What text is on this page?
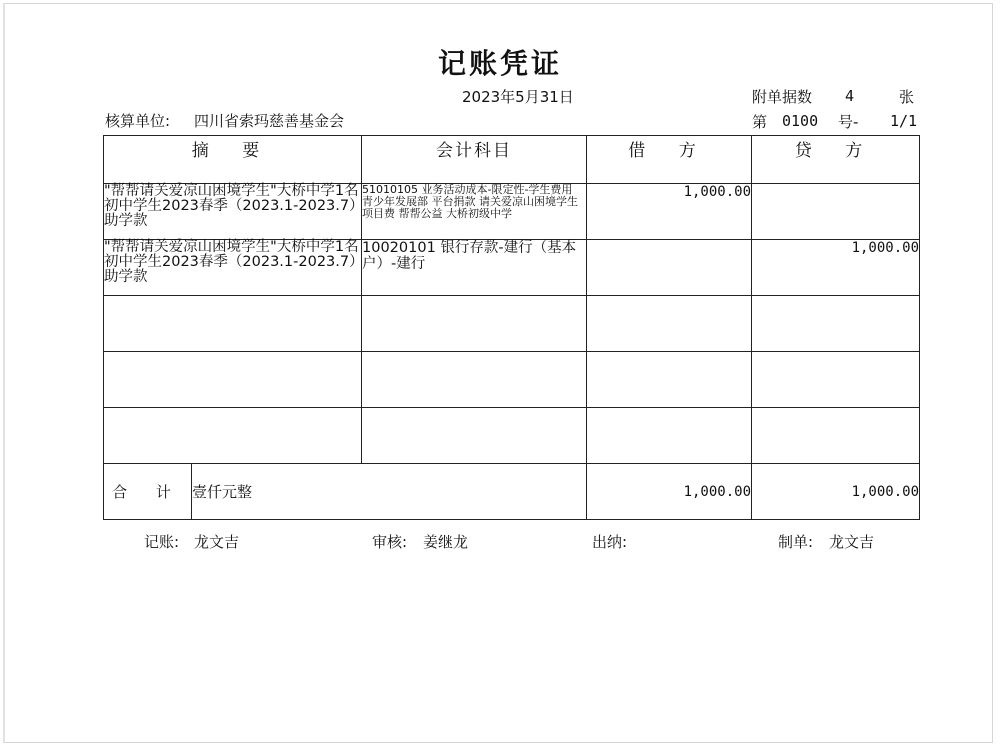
记账凭证
2023年5月31日	附单据数 4	张
核算单位: 四川省索玛慈善基金会	第 0100 号- 1/1
摘 要		会计科目	借 方	贷 方
"帮帮请关爱凉山困境学生"大桥中学1名初中学生2023春季（2023.1-2023.7）助学款		51010105 业务活动成本-限定性-学生费用 青少年发展部 平台捐款 请关爱凉山困境学生 项目费 帮帮公益 大桥初级中学	1,000.00	
"帮帮请关爱凉山困境学生"大桥中学1名初中学生2023春季（2023.1-2023.7）助学款		10020101 银行存款-建行（基本户）-建行		1,000.00

合 计	壹仟元整		1,000.00	1,000.00
记账: 龙文吉	审核: 姜继龙	出纳:	制单: 龙文吉
